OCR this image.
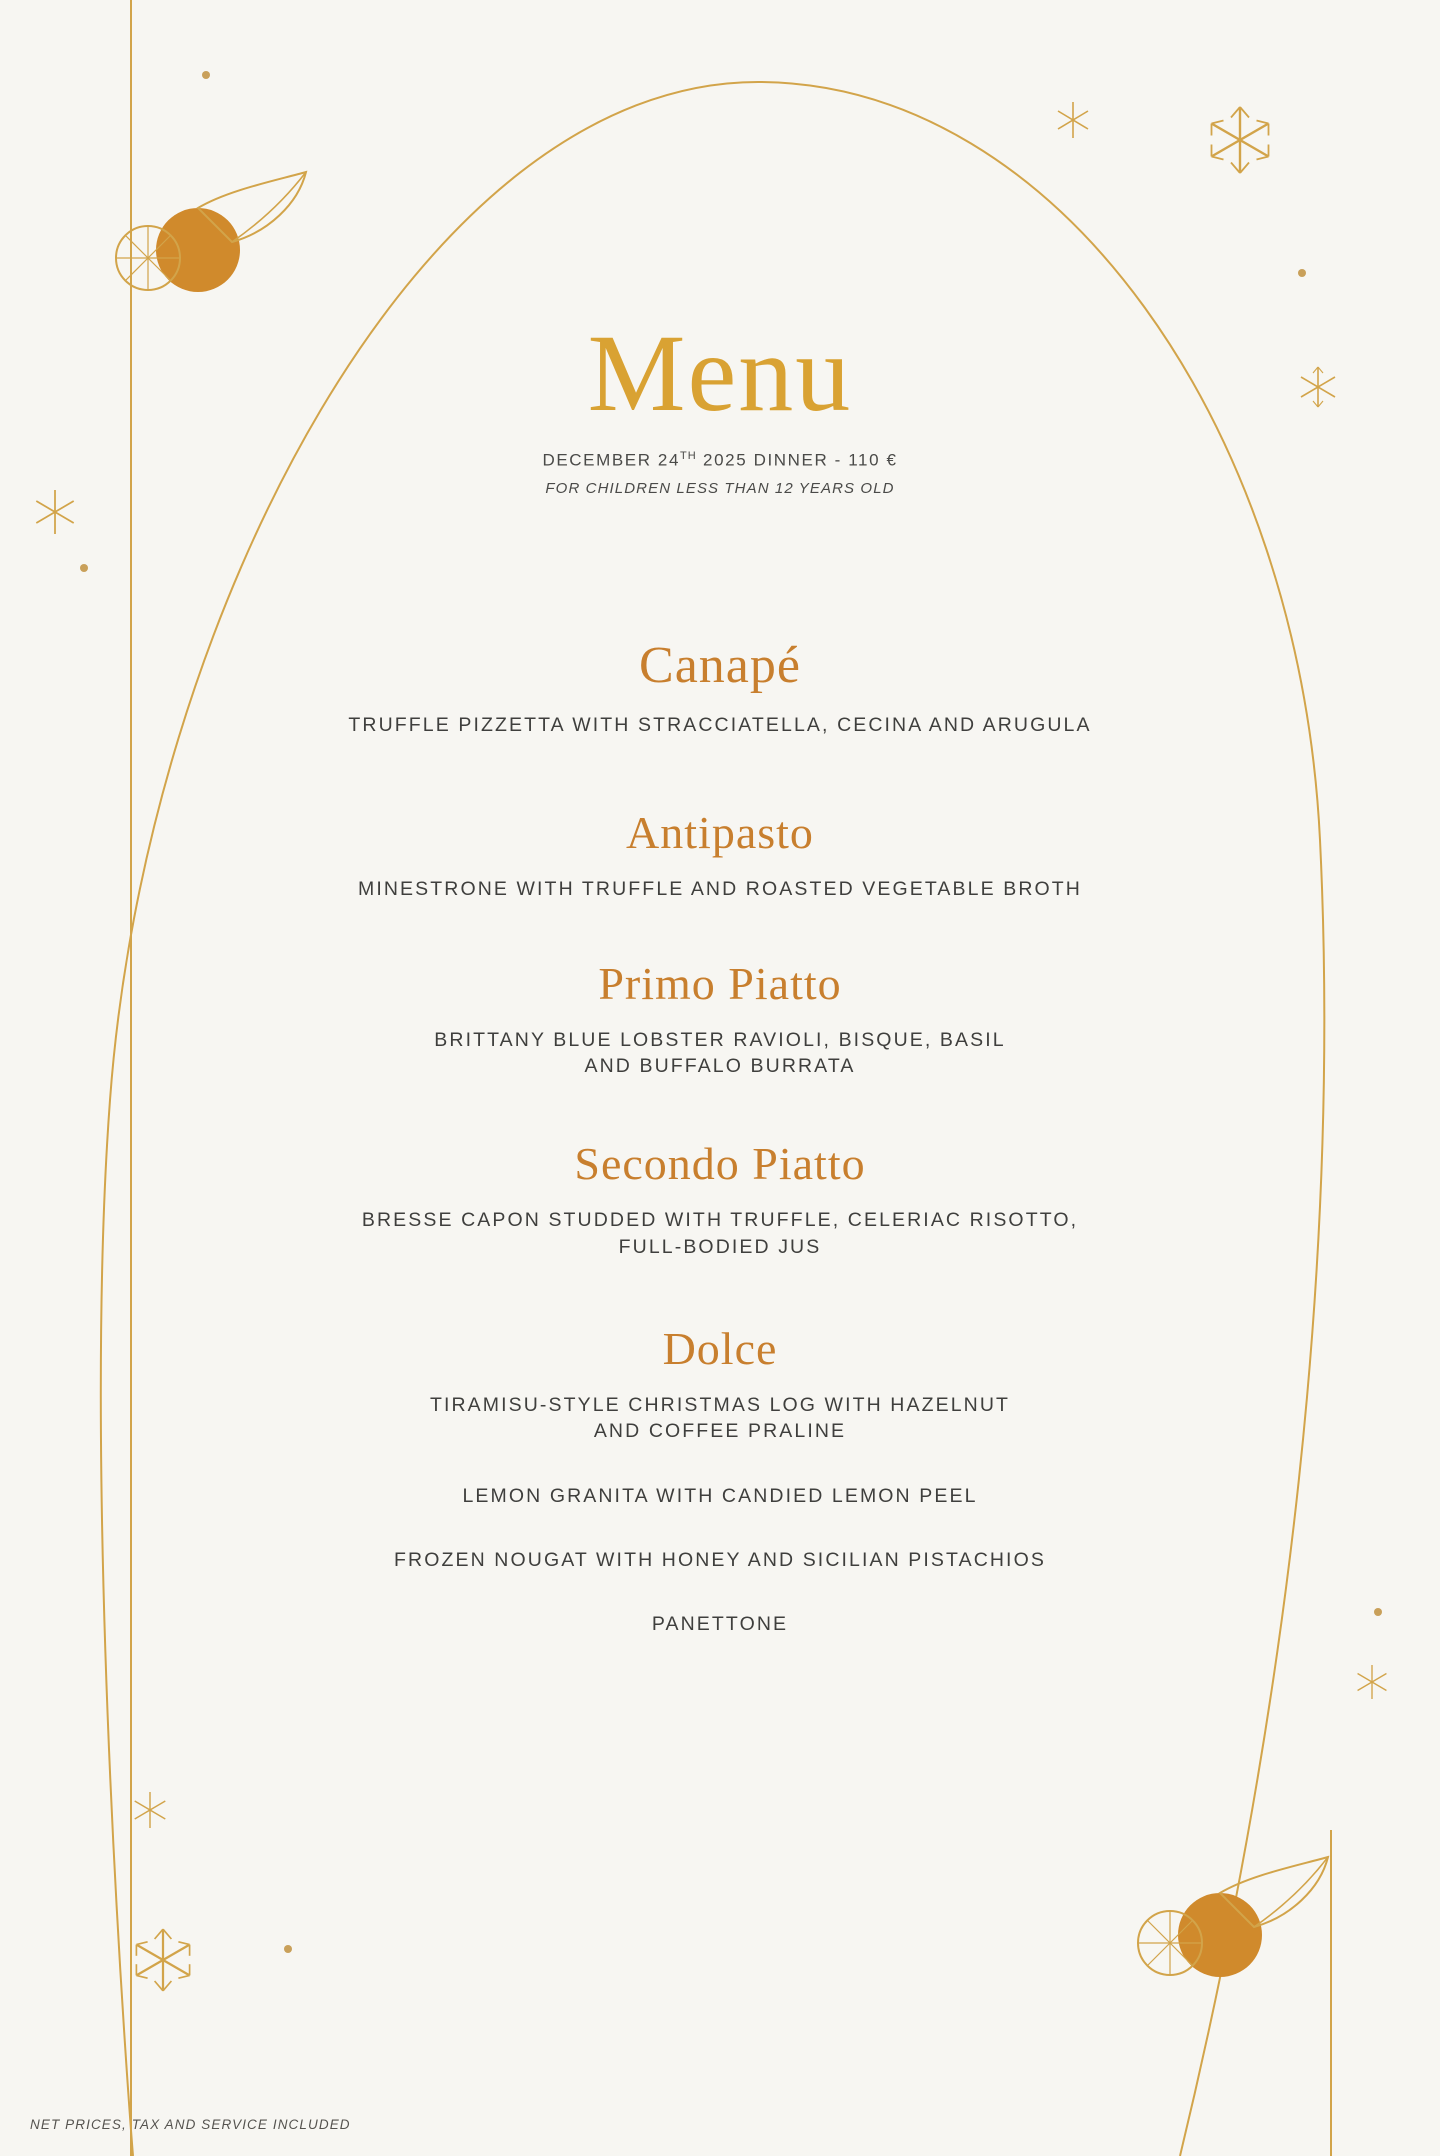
Menu
DECEMBER 24TH 2025 DINNER - 110 €
FOR CHILDREN LESS THAN 12 YEARS OLD
Canapé
TRUFFLE PIZZETTA WITH STRACCIATELLA, CECINA AND ARUGULA
Antipasto
MINESTRONE WITH TRUFFLE AND ROASTED VEGETABLE BROTH
Primo Piatto
BRITTANY BLUE LOBSTER RAVIOLI, BISQUE, BASIL
AND BUFFALO BURRATA
Secondo Piatto
BRESSE CAPON STUDDED WITH TRUFFLE, CELERIAC RISOTTO,
FULL-BODIED JUS
Dolce
TIRAMISU-STYLE CHRISTMAS LOG WITH HAZELNUT
AND COFFEE PRALINE
LEMON GRANITA WITH CANDIED LEMON PEEL
FROZEN NOUGAT WITH HONEY AND SICILIAN PISTACHIOS
PANETTONE
NET PRICES, TAX AND SERVICE INCLUDED
